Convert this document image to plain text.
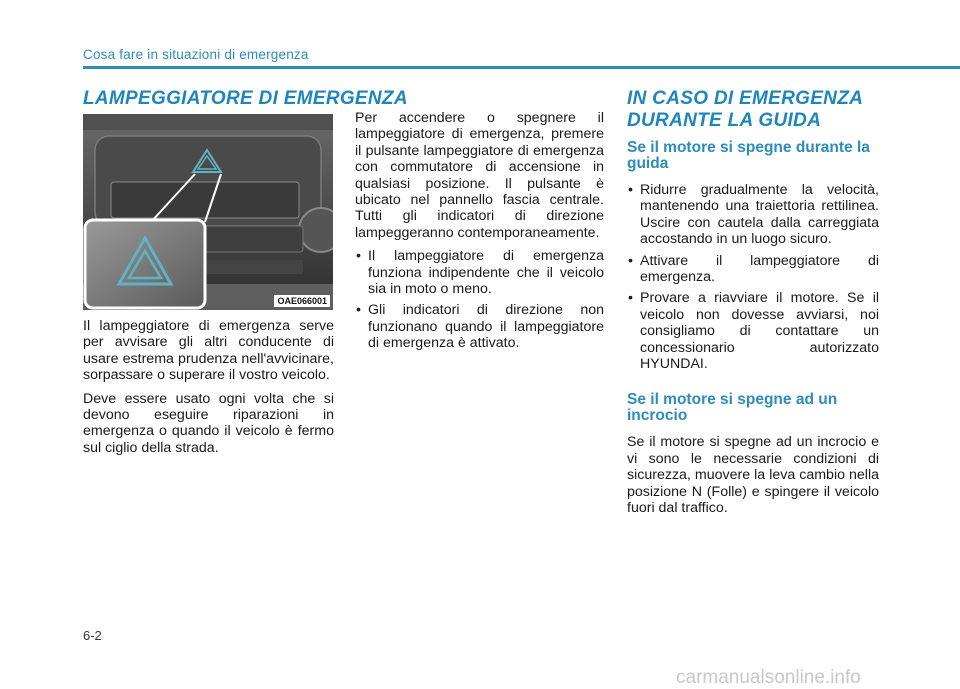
Cosa fare in situazioni di emergenza
LAMPEGGIATORE DI EMERGENZA
OAE066001

Il lampeggiatore di emergenza serve per avvisare gli altri conducente di usare estrema prudenza nell'avvicinare, sorpassare o superare il vostro veicolo.

Deve essere usato ogni volta che si devono eseguire riparazioni in emergenza o quando il veicolo è fermo sul ciglio della strada.

Per accendere o spegnere il lampeggiatore di emergenza, premere il pulsante lampeggiatore di emergenza con commutatore di accensione in qualsiasi posizione. Il pulsante è ubicato nel pannello fascia centrale. Tutti gli indicatori di direzione lampeggeranno contemporaneamente.

• Il lampeggiatore di emergenza funziona indipendente che il veicolo sia in moto o meno.
• Gli indicatori di direzione non funzionano quando il lampeggiatore di emergenza è attivato.
IN CASO DI EMERGENZA
DURANTE LA GUIDA
Se il motore si spegne durante la guida
• Ridurre gradualmente la velocità, mantenendo una traiettoria rettilinea. Uscire con cautela dalla carreggiata accostando in un luogo sicuro.
• Attivare il lampeggiatore di emergenza.
• Provare a riavviare il motore. Se il veicolo non dovesse avviarsi, noi consigliamo di contattare un concessionario autorizzato HYUNDAI.
Se il motore si spegne ad un incrocio

Se il motore si spegne ad un incrocio e vi sono le necessarie condizioni di sicurezza, muovere la leva cambio nella posizione N (Folle) e spingere il veicolo fuori dal traffico.

6-2
carmanualsonline.info
